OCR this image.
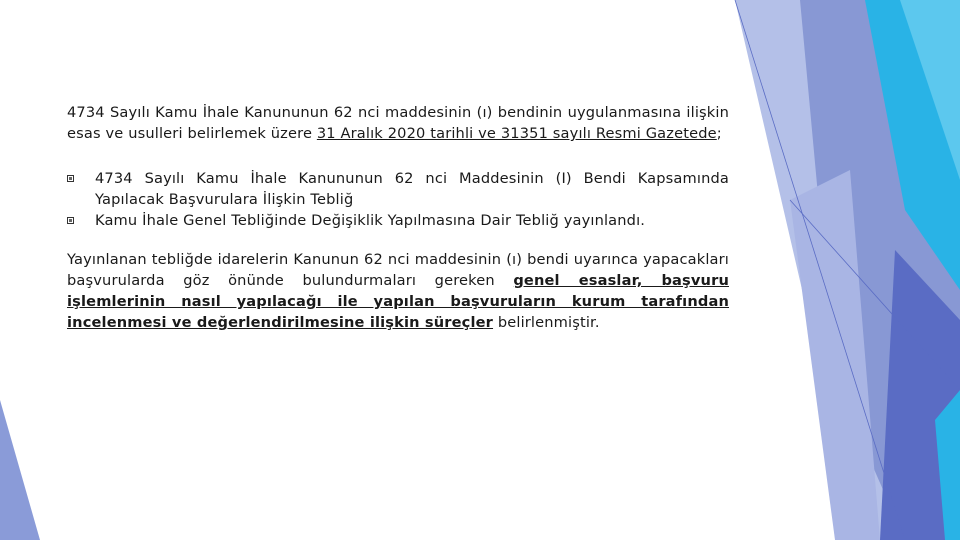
4734 Sayılı Kamu İhale Kanununun 62 nci maddesinin (ı) bendinin uygulanmasına ilişkin esas ve usulleri belirlemek üzere 31 Aralık 2020 tarihli ve 31351 sayılı Resmi Gazetede;

4734 Sayılı Kamu İhale Kanununun 62 nci Maddesinin (I) Bendi Kapsamında Yapılacak Başvurulara İlişkin Tebliğ
Kamu İhale Genel Tebliğinde Değişiklik Yapılmasına Dair Tebliğ yayınlandı.

Yayınlanan tebliğde idarelerin Kanunun 62 nci maddesinin (ı) bendi uyarınca yapacakları başvurularda göz önünde bulundurmaları gereken genel esaslar, başvuru işlemlerinin nasıl yapılacağı ile yapılan başvuruların kurum tarafından incelenmesi ve değerlendirilmesine ilişkin süreçler belirlenmiştir.
